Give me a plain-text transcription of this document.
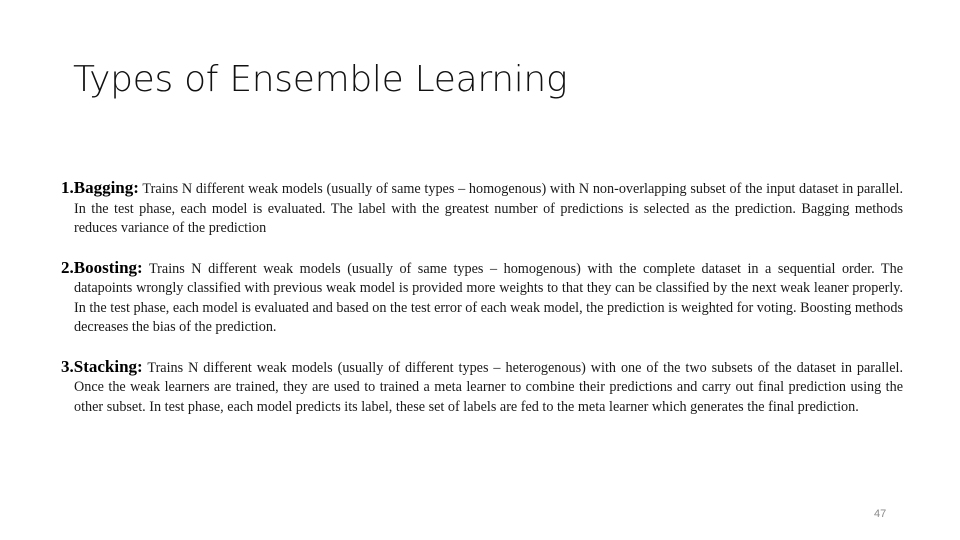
Types of Ensemble Learning
1.Bagging: Trains N different weak models (usually of same types – homogenous) with N non-overlapping subset of the input dataset in parallel. In the test phase, each model is evaluated. The label with the greatest number of predictions is selected as the prediction. Bagging methods reduces variance of the prediction
2.Boosting: Trains N different weak models (usually of same types – homogenous) with the complete dataset in a sequential order. The datapoints wrongly classified with previous weak model is provided more weights to that they can be classified by the next weak leaner properly. In the test phase, each model is evaluated and based on the test error of each weak model, the prediction is weighted for voting. Boosting methods decreases the bias of the prediction.
3.Stacking: Trains N different weak models (usually of different types – heterogenous) with one of the two subsets of the dataset in parallel. Once the weak learners are trained, they are used to trained a meta learner to combine their predictions and carry out final prediction using the other subset. In test phase, each model predicts its label, these set of labels are fed to the meta learner which generates the final prediction.
47
